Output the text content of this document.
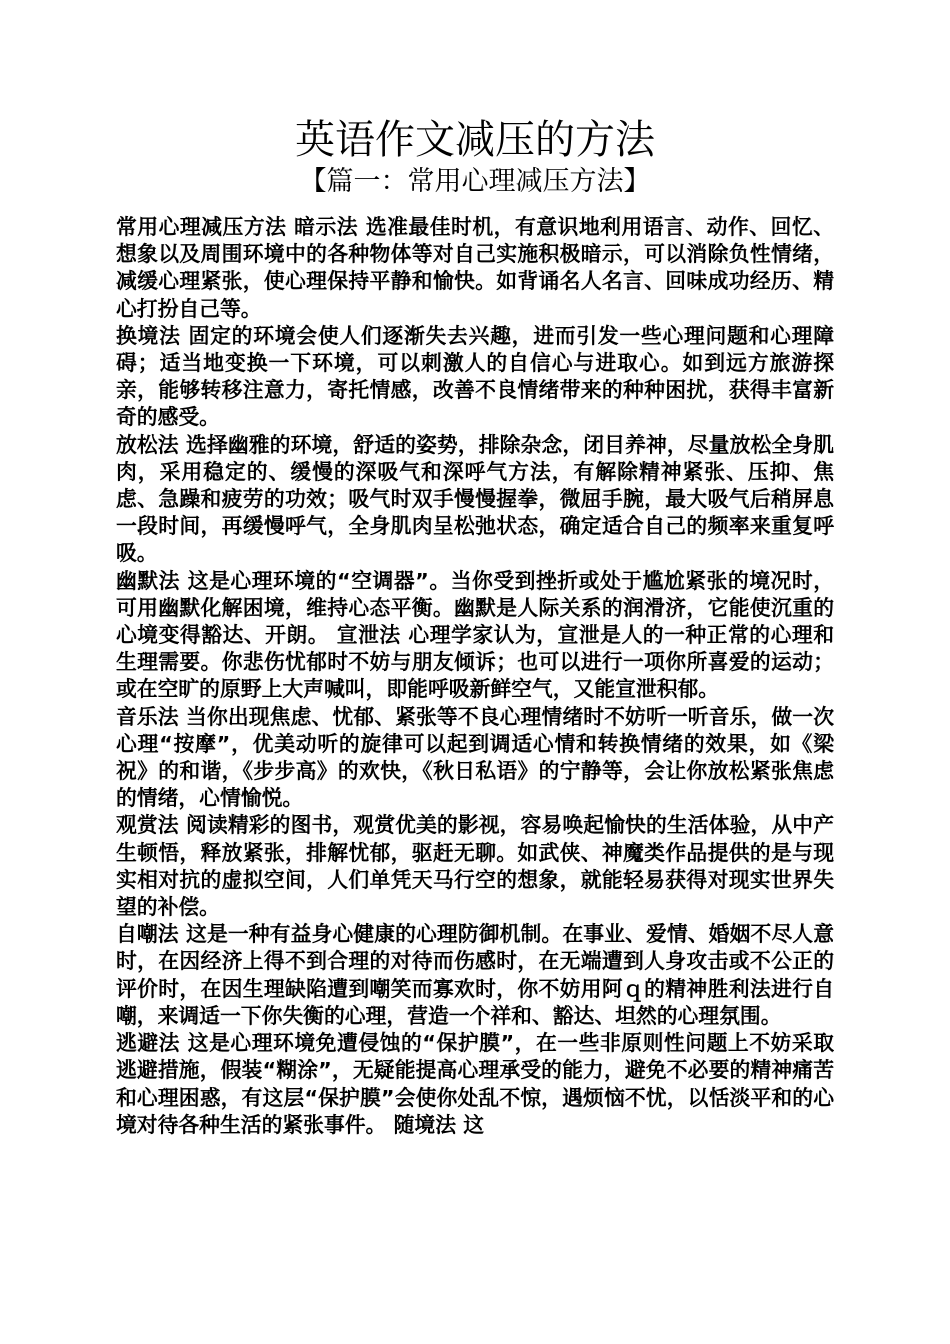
英语作文减压的方法
【篇一：常用心理减压方法】

常用心理减压方法 暗示法 选准最佳时机，有意识地利用语言、动作、回忆、想象以及周围环境中的各种物体等对自己实施积极暗示，可以消除负性情绪，减缓心理紧张，使心理保持平静和愉快。如背诵名人名言、回味成功经历、精心打扮自己等。

换境法 固定的环境会使人们逐渐失去兴趣，进而引发一些心理问题和心理障碍；适当地变换一下环境，可以刺激人的自信心与进取心。如到远方旅游探亲，能够转移注意力，寄托情感，改善不良情绪带来的种种困扰，获得丰富新奇的感受。

放松法 选择幽雅的环境，舒适的姿势，排除杂念，闭目养神，尽量放松全身肌肉，采用稳定的、缓慢的深吸气和深呼气方法，有解除精神紧张、压抑、焦虑、急躁和疲劳的功效；吸气时双手慢慢握拳，微屈手腕，最大吸气后稍屏息一段时间，再缓慢呼气，全身肌肉呈松弛状态，确定适合自己的频率来重复呼吸。

幽默法 这是心理环境的“空调器”。当你受到挫折或处于尴尬紧张的境况时，可用幽默化解困境，维持心态平衡。幽默是人际关系的润滑济，它能使沉重的心境变得豁达、开朗。 宣泄法 心理学家认为，宣泄是人的一种正常的心理和生理需要。你悲伤忧郁时不妨与朋友倾诉；也可以进行一项你所喜爱的运动；或在空旷的原野上大声喊叫，即能呼吸新鲜空气，又能宣泄积郁。

音乐法 当你出现焦虑、忧郁、紧张等不良心理情绪时不妨听一听音乐，做一次心理“按摩”，优美动听的旋律可以起到调适心情和转换情绪的效果，如《梁祝》的和谐，《步步高》的欢快，《秋日私语》的宁静等，会让你放松紧张焦虑的情绪，心情愉悦。

观赏法 阅读精彩的图书，观赏优美的影视，容易唤起愉快的生活体验，从中产生顿悟，释放紧张，排解忧郁，驱赶无聊。如武侠、神魔类作品提供的是与现实相对抗的虚拟空间，人们单凭天马行空的想象，就能轻易获得对现实世界失望的补偿。

自嘲法 这是一种有益身心健康的心理防御机制。在事业、爱情、婚姻不尽人意时，在因经济上得不到合理的对待而伤感时，在无端遭到人身攻击或不公正的评价时，在因生理缺陷遭到嘲笑而寡欢时，你不妨用阿ｑ的精神胜利法进行自嘲，来调适一下你失衡的心理，营造一个祥和、豁达、坦然的心理氛围。

逃避法 这是心理环境免遭侵蚀的“保护膜”，在一些非原则性问题上不妨采取逃避措施，假装“糊涂”，无疑能提高心理承受的能力，避免不必要的精神痛苦和心理困惑，有这层“保护膜”会使你处乱不惊，遇烦恼不忧，以恬淡平和的心境对待各种生活的紧张事件。 随境法 这
